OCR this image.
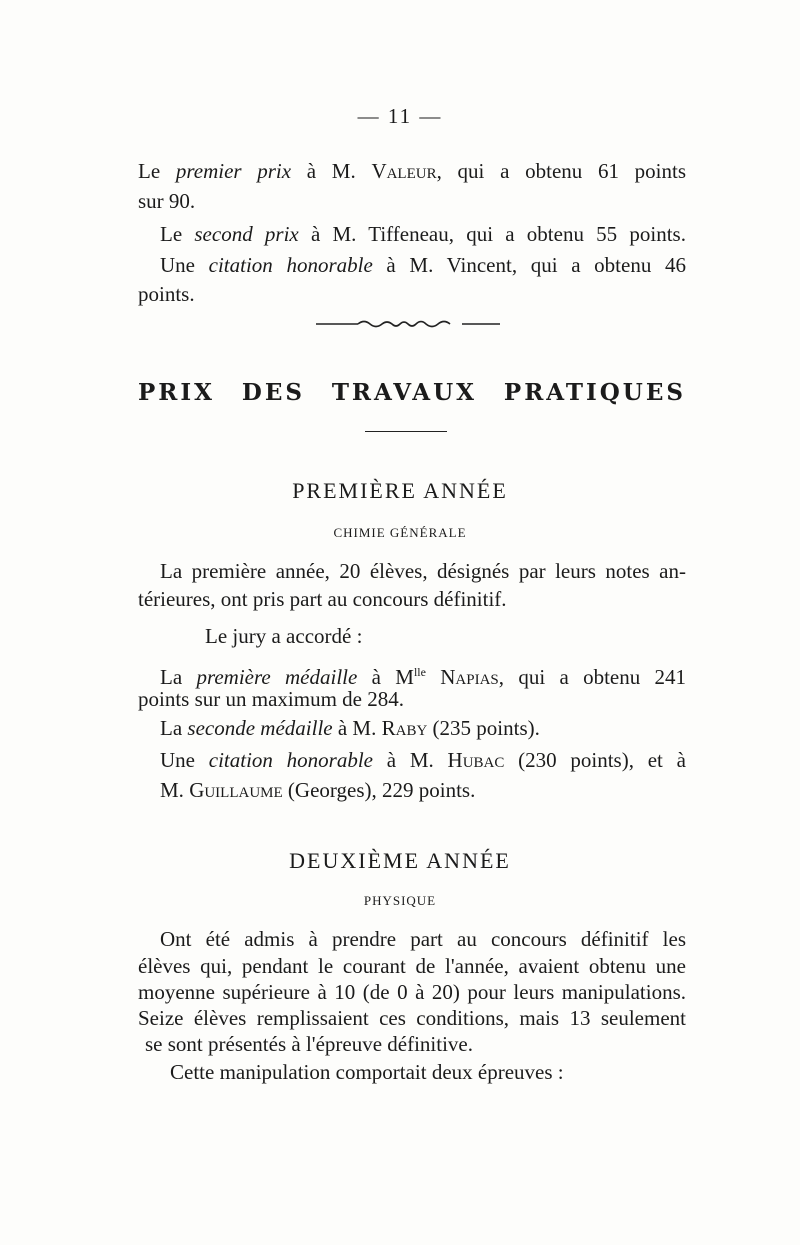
— 11 —
Le premier prix à M. Valeur, qui a obtenu 61 points
sur 90.
Le second prix à M. Tiffeneau, qui a obtenu 55 points.
Une citation honorable à M. Vincent, qui a obtenu 46
points.
PRIX DES TRAVAUX PRATIQUES
PREMIÈRE ANNÉE
CHIMIE GÉNÉRALE
La première année, 20 élèves, désignés par leurs notes an-
térieures, ont pris part au concours définitif.
Le jury a accordé :
La première médaille à $M^{lle}$ Napias, qui a obtenu 241
points sur un maximum de 284.
La seconde médaille à M. Raby (235 points).
Une citation honorable à M. Hubac (230 points), et à
M. Guillaume (Georges), 229 points.
DEUXIÈME ANNÉE
PHYSIQUE
Ont été admis à prendre part au concours définitif les
élèves qui, pendant le courant de l'année, avaient obtenu une
moyenne supérieure à 10 (de 0 à 20) pour leurs manipulations.
Seize élèves remplissaient ces conditions, mais 13 seulement
se sont présentés à l'épreuve définitive.
Cette manipulation comportait deux épreuves :
